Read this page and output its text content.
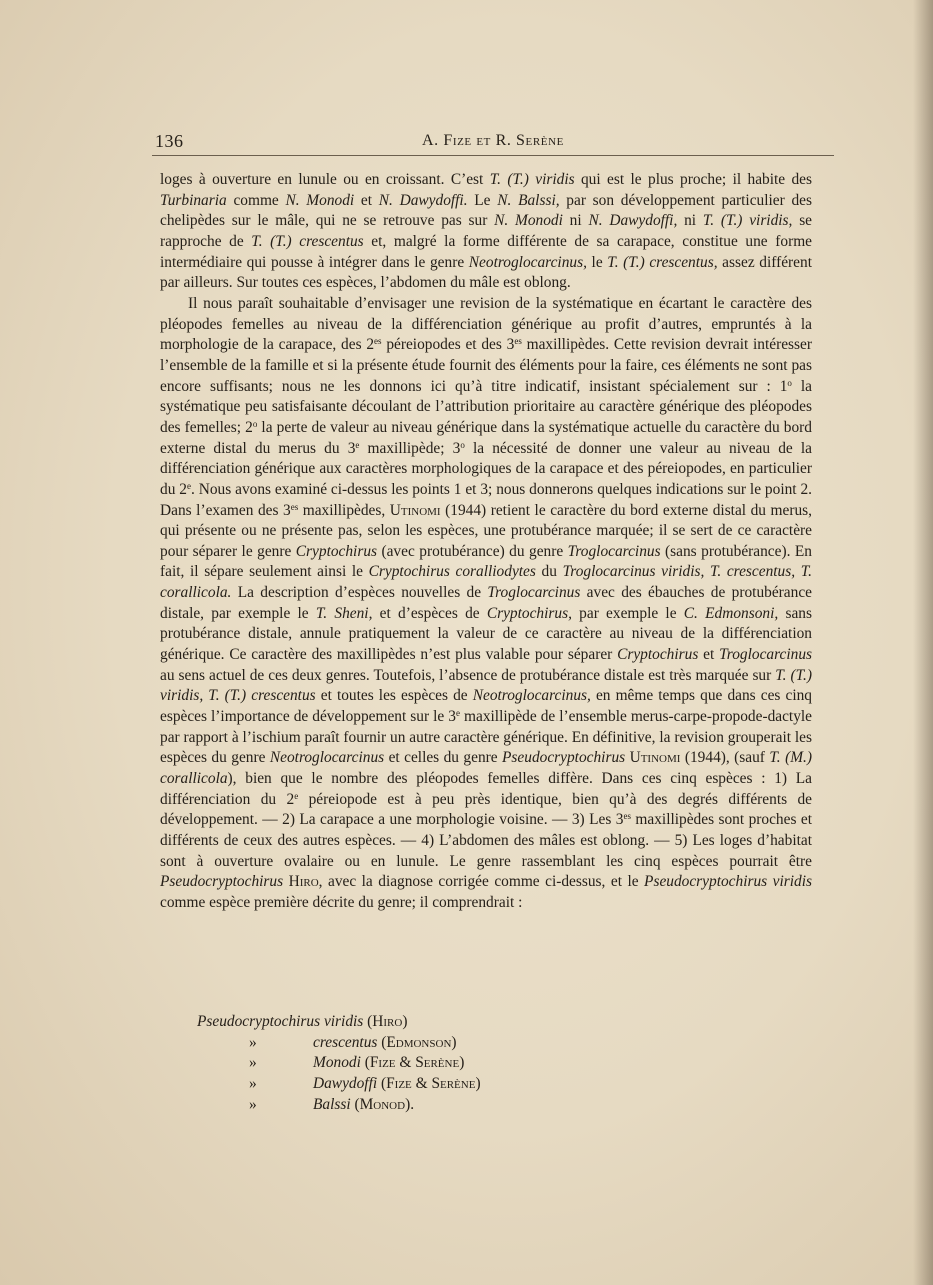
136	A. Fize et R. Serène

loges à ouverture en lunule ou en croissant. C’est T. (T.) viridis qui est le plus proche; il habite des Turbinaria comme N. Monodi et N. Dawydoffi. Le N. Balssi, par son développement particulier des chelipèdes sur le mâle, qui ne se retrouve pas sur N. Monodi ni N. Dawydoffi, ni T. (T.) viridis, se rapproche de T. (T.) crescentus et, malgré la forme différente de sa carapace, constitue une forme intermédiaire qui pousse à intégrer dans le genre Neotroglocarcinus, le T. (T.) crescentus, assez différent par ailleurs. Sur toutes ces espèces, l’abdomen du mâle est oblong.

Il nous paraît souhaitable d’envisager une revision de la systématique en écartant le caractère des pléopodes femelles au niveau de la différenciation générique au profit d’autres, empruntés à la morphologie de la carapace, des $2^{es}$ péreiopodes et des $3^{es}$ maxillipèdes. Cette revision devrait intéresser l’ensemble de la famille et si la présente étude fournit des éléments pour la faire, ces éléments ne sont pas encore suffisants; nous ne les donnons ici qu’à titre indicatif, insistant spécialement sur : 1$^o$ la systématique peu satisfaisante découlant de l’attribution prioritaire au caractère générique des pléopodes des femelles; 2$^o$ la perte de valeur au niveau générique dans la systématique actuelle du caractère du bord externe distal du merus du 3e maxillipède; 3$^o$ la nécessité de donner une valeur au niveau de la différenciation générique aux caractères morphologiques de la carapace et des péreiopodes, en particulier du 2e. Nous avons examiné ci-dessus les points 1 et 3; nous donnerons quelques indications sur le point 2. Dans l’examen des $3^{es}$ maxillipèdes, Utinomi (1944) retient le caractère du bord externe distal du merus, qui présente ou ne présente pas, selon les espèces, une protubérance marquée; il se sert de ce caractère pour séparer le genre Cryptochirus (avec protubérance) du genre Troglocarcinus (sans protubérance). En fait, il sépare seulement ainsi le Cryptochirus coralliodytes du Troglocarcinus viridis, T. crescentus, T. corallicola. La description d’espèces nouvelles de Troglocarcinus avec des ébauches de protubérance distale, par exemple le T. Sheni, et d’espèces de Cryptochirus, par exemple le C. Edmonsoni, sans protubérance distale, annule pratiquement la valeur de ce caractère au niveau de la différenciation générique. Ce caractère des maxillipèdes n’est plus valable pour séparer Cryptochirus et Troglocarcinus au sens actuel de ces deux genres. Toutefois, l’absence de protubérance distale est très marquée sur T. (T.) viridis, T. (T.) crescentus et toutes les espèces de Neotroglocarcinus, en même temps que dans ces cinq espèces l’importance de développement sur le 3e maxillipède de l’ensemble merus-carpe-propode-dactyle par rapport à l’ischium paraît fournir un autre caractère générique. En définitive, la revision grouperait les espèces du genre Neotroglocarcinus et celles du genre Pseudocryptochirus Utinomi (1944), (sauf T. (M.) corallicola), bien que le nombre des pléopodes femelles diffère. Dans ces cinq espèces : 1) La différenciation du 2e péreiopode est à peu près identique, bien qu’à des degrés différents de développement. — 2) La carapace a une morphologie voisine. — 3) Les $3^{es}$ maxillipèdes sont proches et différents de ceux des autres espèces. — 4) L’abdomen des mâles est oblong. — 5) Les loges d’habitat sont à ouverture ovalaire ou en lunule. Le genre rassemblant les cinq espèces pourrait être Pseudocryptochirus Hiro, avec la diagnose corrigée comme ci-dessus, et le Pseudocryptochirus viridis comme espèce première décrite du genre; il comprendrait :

Pseudocryptochirus viridis (Hiro)
»	crescentus (Edmonson)
»	Monodi (Fize & Serène)
»	Dawydoffi (Fize & Serène)
»	Balssi (Monod).
